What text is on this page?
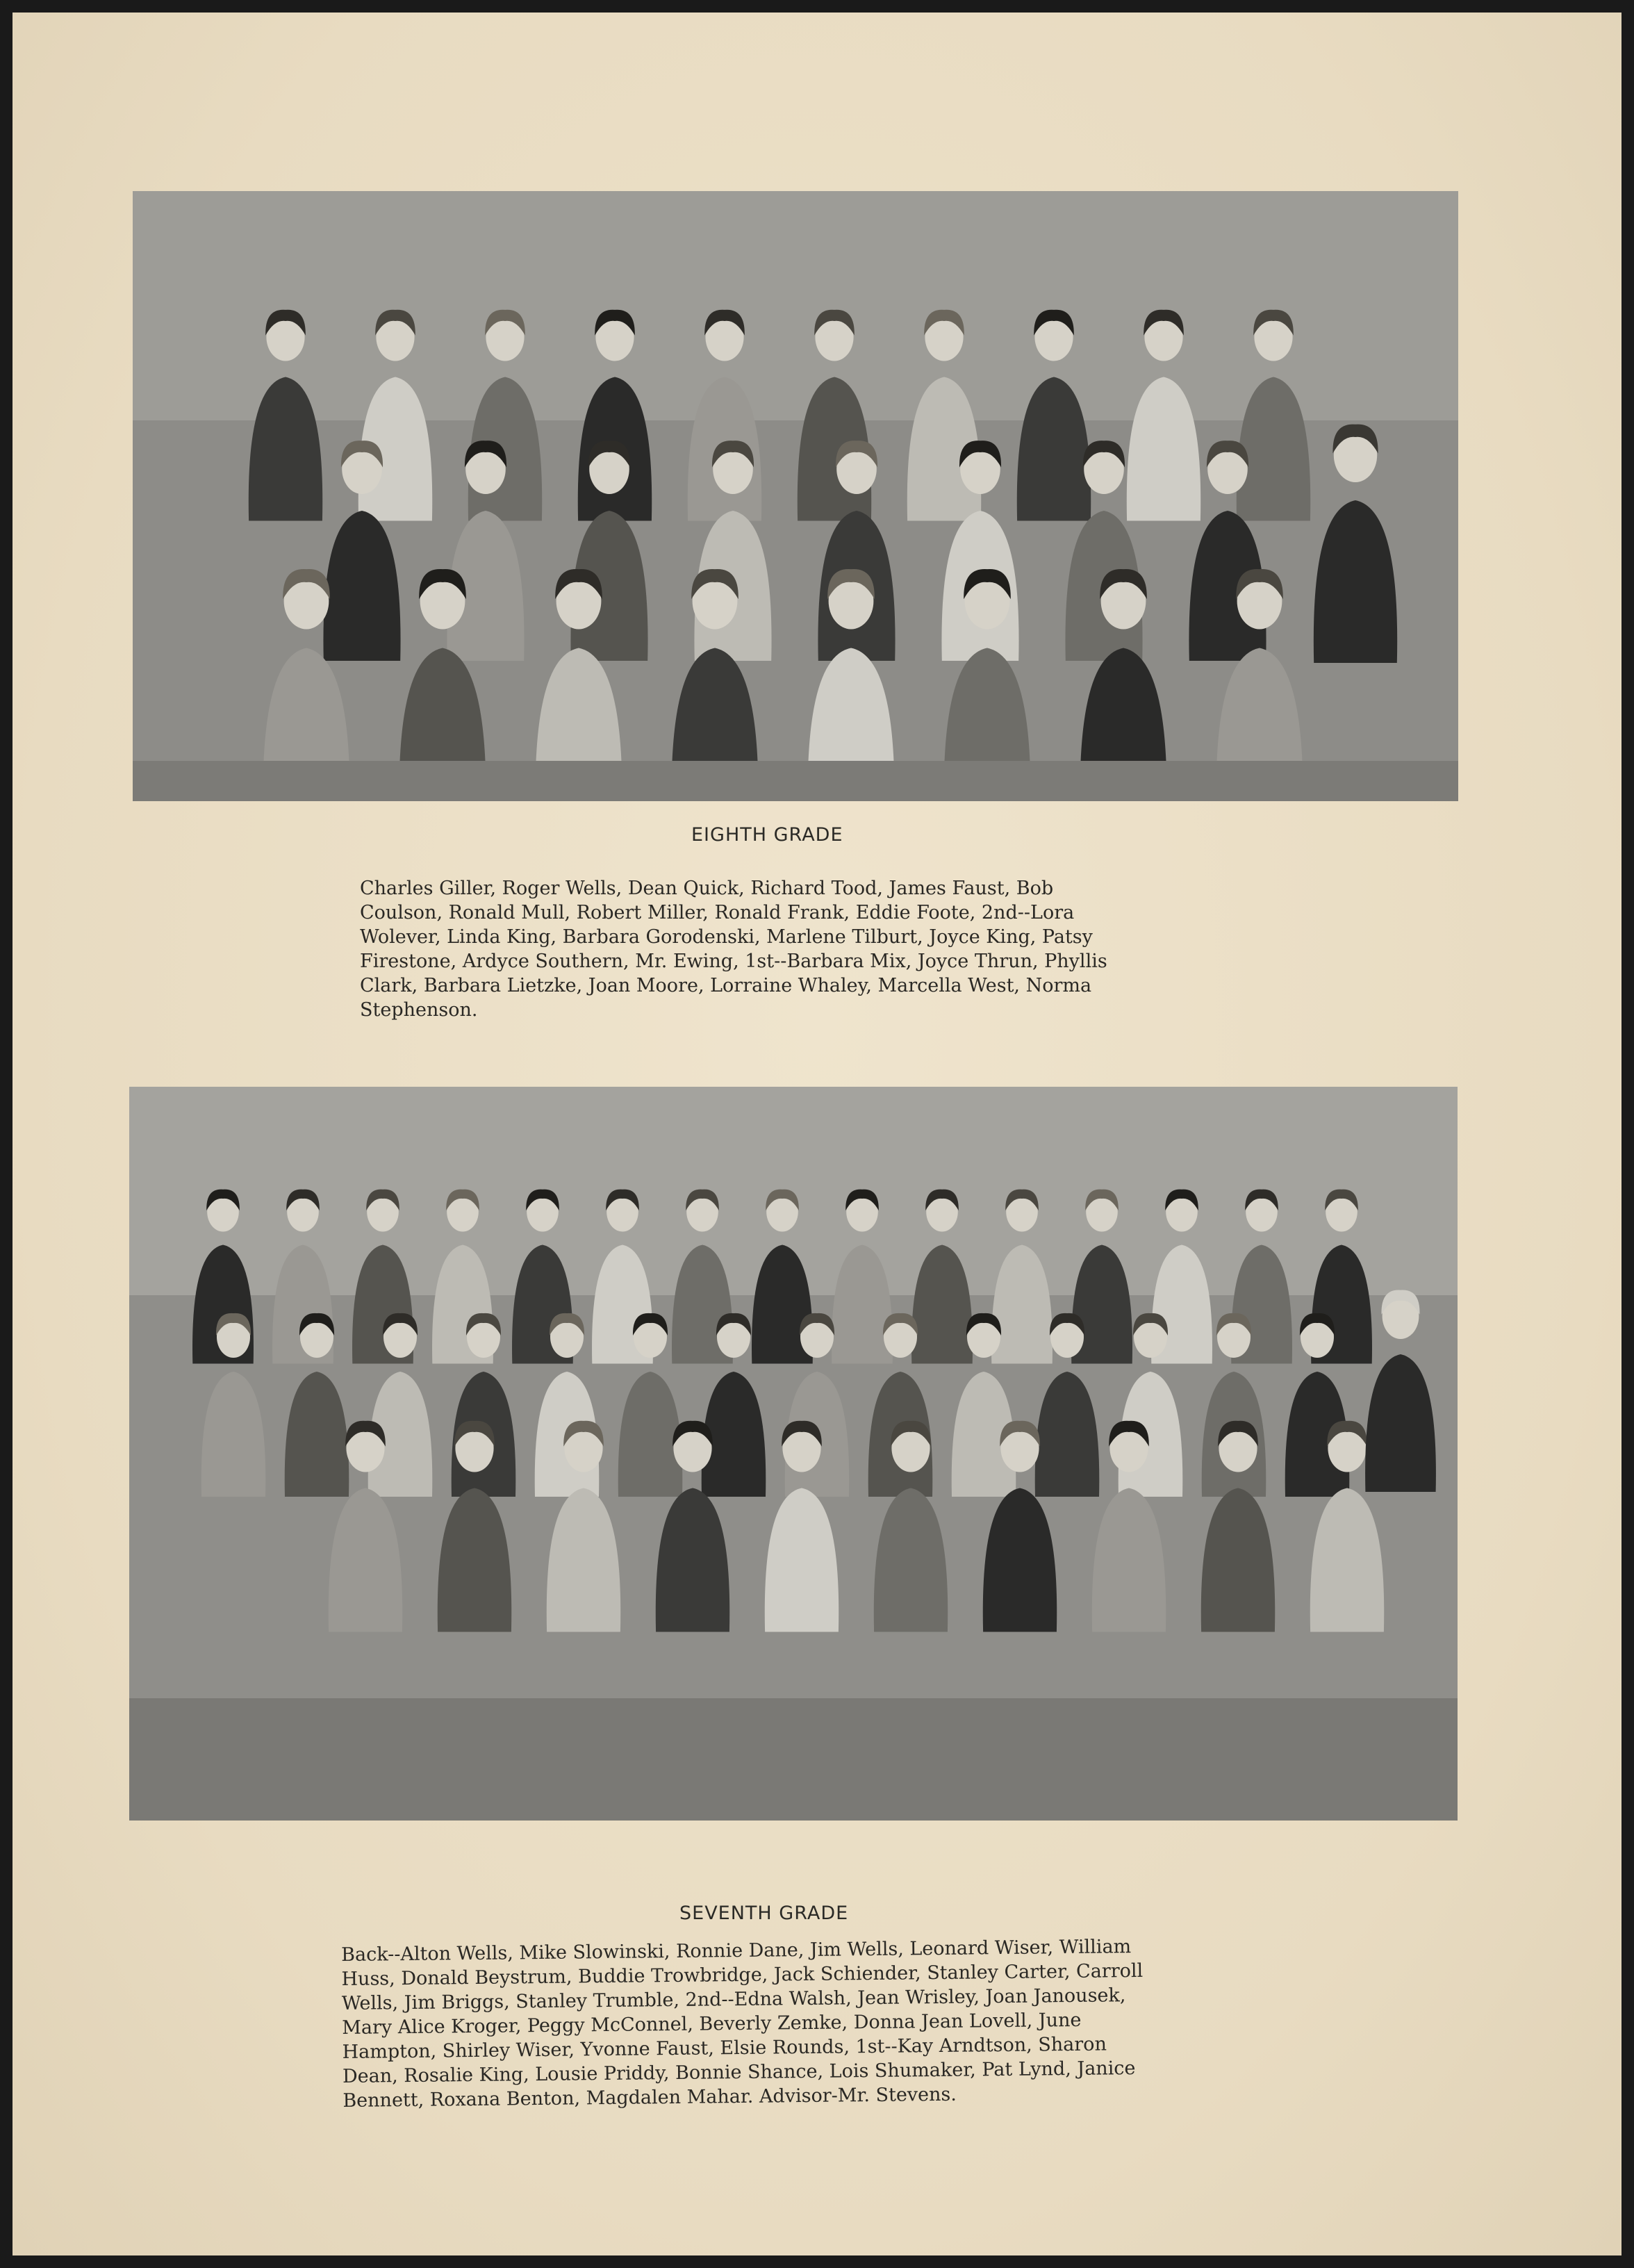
EIGHTH GRADE
Charles Giller, Roger Wells, Dean Quick, Richard Tood, James Faust, Bob
Coulson, Ronald Mull, Robert Miller, Ronald Frank, Eddie Foote, 2nd--Lora
Wolever, Linda King, Barbara Gorodenski, Marlene Tilburt, Joyce King, Patsy
Firestone, Ardyce Southern, Mr. Ewing, 1st--Barbara Mix, Joyce Thrun, Phyllis
Clark, Barbara Lietzke, Joan Moore, Lorraine Whaley, Marcella West, Norma
Stephenson.
SEVENTH GRADE
Back--Alton Wells, Mike Slowinski, Ronnie Dane, Jim Wells, Leonard Wiser, William
Huss, Donald Beystrum, Buddie Trowbridge, Jack Schiender, Stanley Carter, Carroll
Wells, Jim Briggs, Stanley Trumble, 2nd--Edna Walsh, Jean Wrisley, Joan Janousek,
Mary Alice Kroger, Peggy McConnel, Beverly Zemke, Donna Jean Lovell, June
Hampton, Shirley Wiser, Yvonne Faust, Elsie Rounds, 1st--Kay Arndtson, Sharon
Dean, Rosalie King, Lousie Priddy, Bonnie Shance, Lois Shumaker, Pat Lynd, Janice
Bennett, Roxana Benton, Magdalen Mahar. Advisor-Mr. Stevens.
